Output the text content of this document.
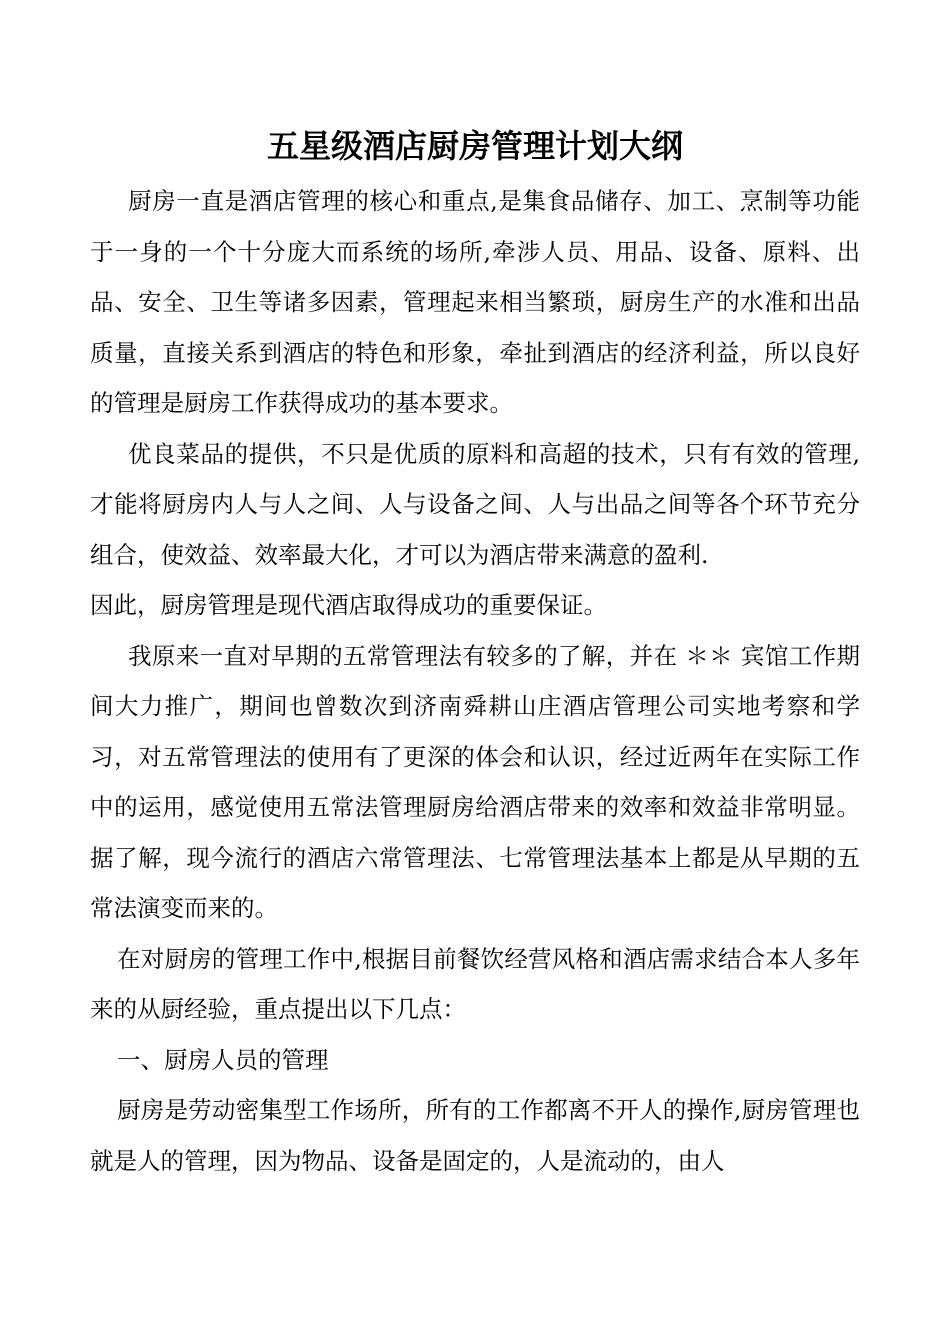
五星级酒店厨房管理计划大纲

厨房一直是酒店管理的核心和重点,是集食品储存、加工、烹制等功能于一身的一个十分庞大而系统的场所,牵涉人员、用品、设备、原料、出品、安全、卫生等诸多因素，管理起来相当繁琐，厨房生产的水准和出品质量，直接关系到酒店的特色和形象，牵扯到酒店的经济利益，所以良好的管理是厨房工作获得成功的基本要求。

优良菜品的提供，不只是优质的原料和高超的技术，只有有效的管理,才能将厨房内人与人之间、人与设备之间、人与出品之间等各个环节充分组合，使效益、效率最大化，才可以为酒店带来满意的盈利.

因此，厨房管理是现代酒店取得成功的重要保证。

我原来一直对早期的五常管理法有较多的了解，并在 ＊＊ 宾馆工作期间大力推广，期间也曾数次到济南舜耕山庄酒店管理公司实地考察和学习，对五常管理法的使用有了更深的体会和认识，经过近两年在实际工作中的运用，感觉使用五常法管理厨房给酒店带来的效率和效益非常明显。据了解，现今流行的酒店六常管理法、七常管理法基本上都是从早期的五常法演变而来的。

在对厨房的管理工作中,根据目前餐饮经营风格和酒店需求结合本人多年来的从厨经验，重点提出以下几点：

一、厨房人员的管理

厨房是劳动密集型工作场所，所有的工作都离不开人的操作,厨房管理也就是人的管理，因为物品、设备是固定的，人是流动的，由人
